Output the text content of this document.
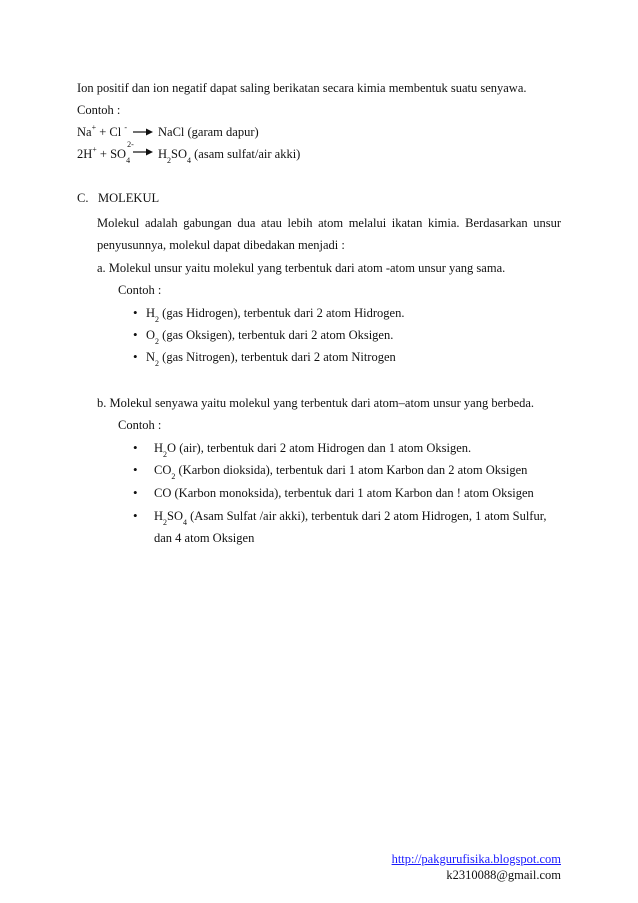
Ion positif dan ion negatif dapat saling berikatan secara kimia membentuk suatu senyawa.
Contoh :
Na+ + Cl - → NaCl (garam dapur)
$2H^+ + SO_4^{2-}$
→ $H_2SO_4$ (asam sulfat/air akki)
C. MOLEKUL
Molekul adalah gabungan dua atau lebih atom melalui ikatan kimia. Berdasarkan unsur penyusunnya, molekul dapat dibedakan menjadi :
a. Molekul unsur yaitu molekul yang terbentuk dari atom -atom unsur yang sama.
Contoh :
• $H_2$ (gas Hidrogen), terbentuk dari 2 atom Hidrogen.
• $O_2$ (gas Oksigen), terbentuk dari 2 atom Oksigen.
• $N_2$ (gas Nitrogen), terbentuk dari 2 atom Nitrogen
b. Molekul senyawa yaitu molekul yang terbentuk dari atom–atom unsur yang berbeda.
Contoh :
• $H_2O$ (air), terbentuk dari 2 atom Hidrogen dan 1 atom Oksigen.
• $CO_2$ (Karbon dioksida), terbentuk dari 1 atom Karbon dan 2 atom Oksigen
• CO (Karbon monoksida), terbentuk dari 1 atom Karbon dan ! atom Oksigen
• $H_2SO_4$ (Asam Sulfat /air akki), terbentuk dari 2 atom Hidrogen, 1 atom Sulfur,
dan 4 atom Oksigen
http://pakgurufisika.blogspot.com
k2310088@gmail.com
